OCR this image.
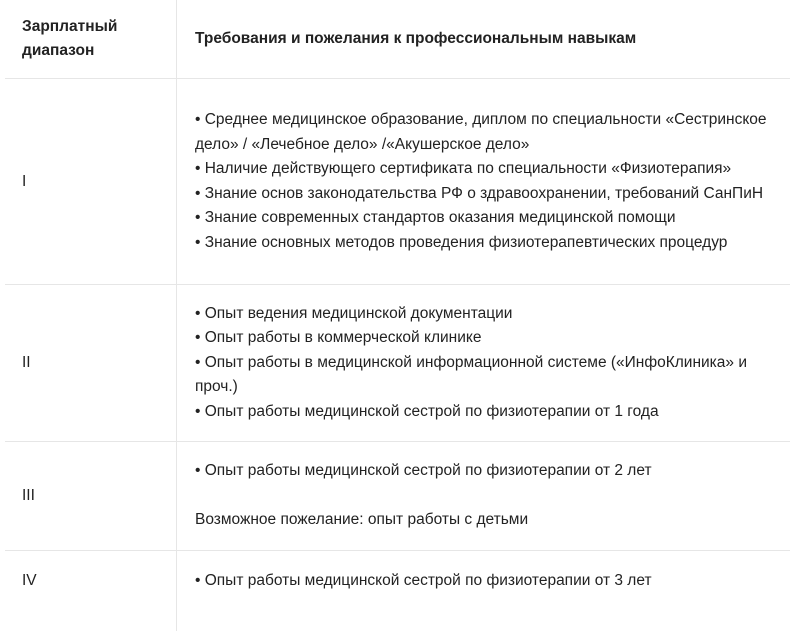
Зарплатный диапазон
Требования и пожелания к профессиональным навыкам
I
• Среднее медицинское образование, диплом по специальности «Сестринское дело» / «Лечебное дело» /«Акушерское дело»
• Наличие действующего сертификата по специальности «Физиотерапия»
• Знание основ законодательства РФ о здравоохранении, требований СанПиН
• Знание современных стандартов оказания медицинской помощи
• Знание основных методов проведения физиотерапевтических процедур
II
• Опыт ведения медицинской документации
• Опыт работы в коммерческой клинике
• Опыт работы в медицинской информационной системе («ИнфоКлиника» и проч.)
• Опыт работы медицинской сестрой по физиотерапии от 1 года
III
• Опыт работы медицинской сестрой по физиотерапии от 2 лет
Возможное пожелание: опыт работы с детьми
IV	• Опыт работы медицинской сестрой по физиотерапии от 3 лет
